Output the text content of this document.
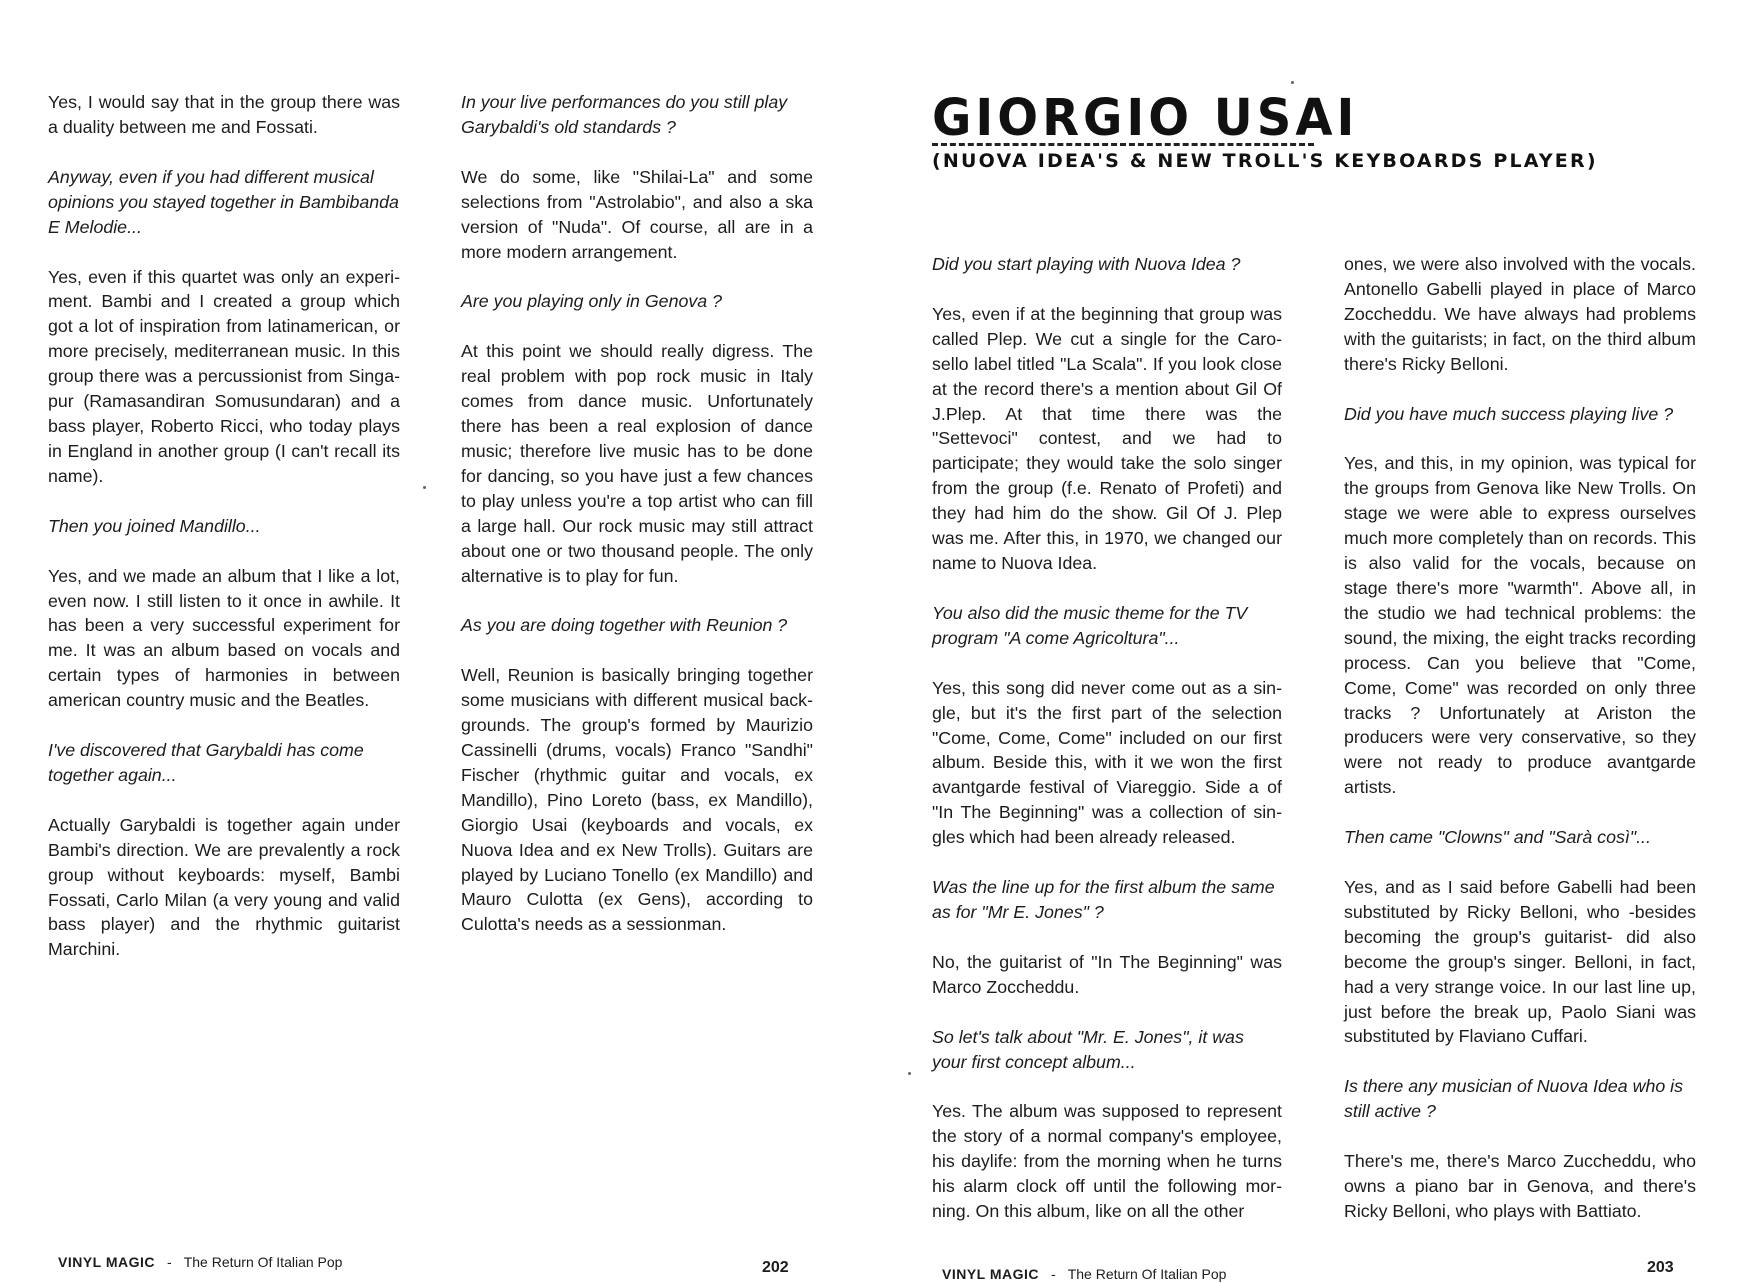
Yes, I would say that in the group there was a duality between me and Fossati.

Anyway, even if you had different musical opinions you stayed together in Bambibanda E Melodie...

Yes, even if this quartet was only an experiment. Bambi and I created a group which got a lot of inspiration from latinamerican, or more precisely, mediterranean music. In this group there was a percussionist from Singapur (Ramasandiran Somusundaran) and a bass player, Roberto Ricci, who today plays in England in another group (I can't recall its name).

Then you joined Mandillo...

Yes, and we made an album that I like a lot, even now. I still listen to it once in awhile. It has been a very successful experiment for me. It was an album based on vocals and certain types of harmonies in between american country music and the Beatles.

I've discovered that Garybaldi has come together again...

Actually Garybaldi is together again under Bambi's direction. We are prevalently a rock group without keyboards: myself, Bambi Fossati, Carlo Milan (a very young and valid bass player) and the rhythmic guitarist Marchini.

In your live performances do you still play Garybaldi's old standards ?

We do some, like "Shilai-La" and some selections from "Astrolabio", and also a ska version of "Nuda". Of course, all are in a more modern arrangement.

Are you playing only in Genova ?

At this point we should really digress. The real problem with pop rock music in Italy comes from dance music. Unfortunately there has been a real explosion of dance music; therefore live music has to be done for dancing, so you have just a few chances to play unless you're a top artist who can fill a large hall. Our rock music may still attract about one or two thousand people. The only alternative is to play for fun.

As you are doing together with Reunion ?

Well, Reunion is basically bringing together some musicians with different musical backgrounds. The group's formed by Maurizio Cassinelli (drums, vocals) Franco "Sandhi" Fischer (rhythmic guitar and vocals, ex Mandillo), Pino Loreto (bass, ex Mandillo), Giorgio Usai (keyboards and vocals, ex Nuova Idea and ex New Trolls). Guitars are played by Luciano Tonello (ex Mandillo) and Mauro Culotta (ex Gens), according to Culotta's needs as a sessionman.

VINYL MAGIC - The Return Of Italian Pop	202
GIORGIO USAI
(NUOVA IDEA'S & NEW TROLL'S KEYBOARDS PLAYER)

Did you start playing with Nuova Idea ?

Yes, even if at the beginning that group was called Plep. We cut a single for the Carosello label titled "La Scala". If you look close at the record there's a mention about Gil Of J.Plep. At that time there was the "Settevoci" contest, and we had to participate; they would take the solo singer from the group (f.e. Renato of Profeti) and they had him do the show. Gil Of J. Plep was me. After this, in 1970, we changed our name to Nuova Idea.

You also did the music theme for the TV program "A come Agricoltura"...

Yes, this song did never come out as a single, but it's the first part of the selection "Come, Come, Come" included on our first album. Beside this, with it we won the first avantgarde festival of Viareggio. Side a of "In The Beginning" was a collection of singles which had been already released.

Was the line up for the first album the same as for "Mr E. Jones" ?

No, the guitarist of "In The Beginning" was Marco Zoccheddu.

So let's talk about "Mr. E. Jones", it was your first concept album...

Yes. The album was supposed to represent the story of a normal company's employee, his daylife: from the morning when he turns his alarm clock off until the following morning. On this album, like on all the other

ones, we were also involved with the vocals. Antonello Gabelli played in place of Marco Zoccheddu. We have always had problems with the guitarists; in fact, on the third album there's Ricky Belloni.

Did you have much success playing live ?

Yes, and this, in my opinion, was typical for the groups from Genova like New Trolls. On stage we were able to express ourselves much more completely than on records. This is also valid for the vocals, because on stage there's more "warmth". Above all, in the studio we had technical problems: the sound, the mixing, the eight tracks recording process. Can you believe that "Come, Come, Come" was recorded on only three tracks ? Unfortunately at Ariston the producers were very conservative, so they were not ready to produce avantgarde artists.

Then came "Clowns" and "Sarà così"...

Yes, and as I said before Gabelli had been substituted by Ricky Belloni, who -besides becoming the group's guitarist- did also become the group's singer. Belloni, in fact, had a very strange voice. In our last line up, just before the break up, Paolo Siani was substituted by Flaviano Cuffari.

Is there any musician of Nuova Idea who is still active ?

There's me, there's Marco Zuccheddu, who owns a piano bar in Genova, and there's Ricky Belloni, who plays with Battiato.

VINYL MAGIC - The Return Of Italian Pop	203
